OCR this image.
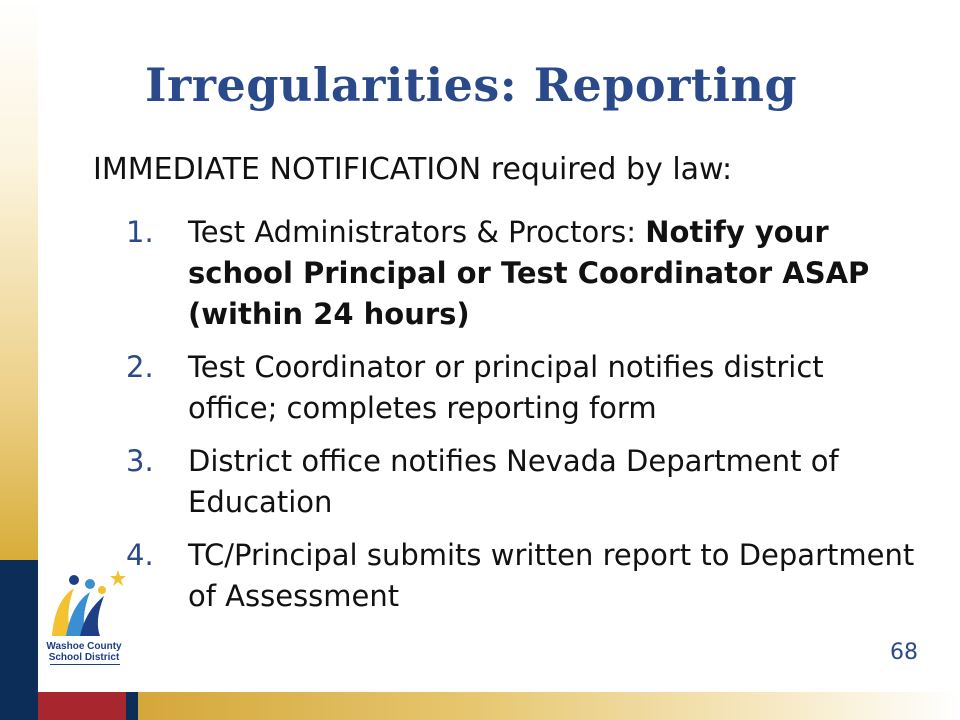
Irregularities: Reporting
IMMEDIATE NOTIFICATION required by law:
1. Test Administrators & Proctors: Notify your school Principal or Test Coordinator ASAP (within 24 hours)
2. Test Coordinator or principal notifies district office; completes reporting form
3. District office notifies Nevada Department of Education
4. TC/Principal submits written report to Department of Assessment
Washoe County
School District	68
